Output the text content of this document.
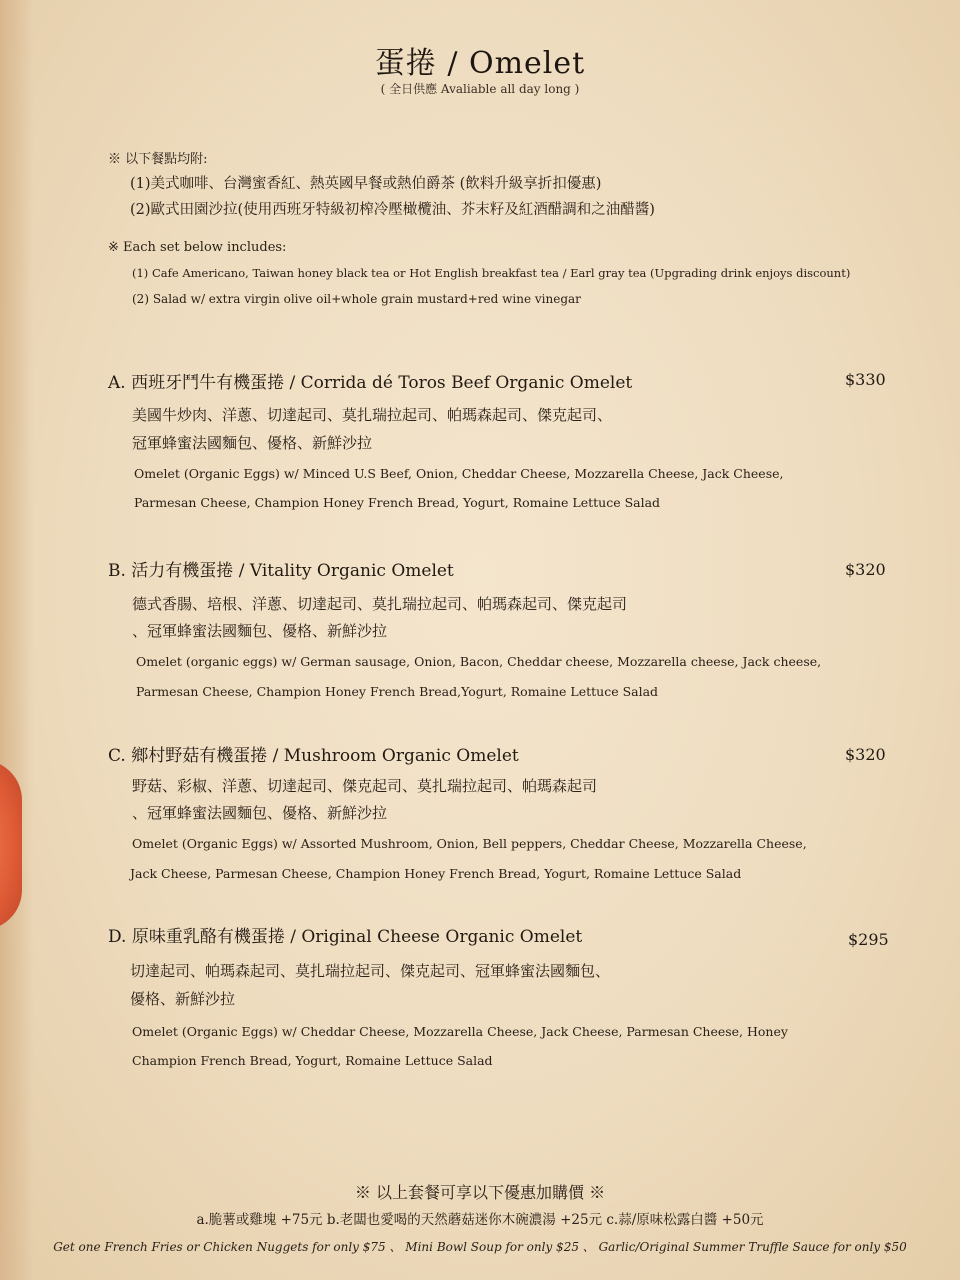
蛋捲 / Omelet
( 全日供應 Avaliable all day long )
※ 以下餐點均附:
(1)美式咖啡、台灣蜜香紅、熱英國早餐或熱伯爵茶 (飲料升級享折扣優惠)
(2)歐式田園沙拉(使用西班牙特級初榨冷壓橄欖油、芥末籽及紅酒醋調和之油醋醬)
※ Each set below includes:
(1) Cafe Americano, Taiwan honey black tea or Hot English breakfast tea / Earl gray tea (Upgrading drink enjoys discount)
(2) Salad w/ extra virgin olive oil+whole grain mustard+red wine vinegar
A. 西班牙鬥牛有機蛋捲 / Corrida dé Toros Beef Organic Omelet	$330
美國牛炒肉、洋蔥、切達起司、莫扎瑞拉起司、帕瑪森起司、傑克起司、
冠軍蜂蜜法國麵包、優格、新鮮沙拉
Omelet (Organic Eggs) w/ Minced U.S Beef, Onion, Cheddar Cheese, Mozzarella Cheese, Jack Cheese,
Parmesan Cheese, Champion Honey French Bread, Yogurt, Romaine Lettuce Salad
B. 活力有機蛋捲 / Vitality Organic Omelet	$320
德式香腸、培根、洋蔥、切達起司、莫扎瑞拉起司、帕瑪森起司、傑克起司
、冠軍蜂蜜法國麵包、優格、新鮮沙拉
Omelet (organic eggs) w/ German sausage, Onion, Bacon, Cheddar cheese, Mozzarella cheese, Jack cheese,
Parmesan Cheese, Champion Honey French Bread,Yogurt, Romaine Lettuce Salad
C. 鄉村野菇有機蛋捲 / Mushroom Organic Omelet	$320
野菇、彩椒、洋蔥、切達起司、傑克起司、莫扎瑞拉起司、帕瑪森起司
、冠軍蜂蜜法國麵包、優格、新鮮沙拉
Omelet (Organic Eggs) w/ Assorted Mushroom, Onion, Bell peppers, Cheddar Cheese, Mozzarella Cheese,
Jack Cheese, Parmesan Cheese, Champion Honey French Bread, Yogurt, Romaine Lettuce Salad
D. 原味重乳酪有機蛋捲 / Original Cheese Organic Omelet	$295
切達起司、帕瑪森起司、莫扎瑞拉起司、傑克起司、冠軍蜂蜜法國麵包、
優格、新鮮沙拉
Omelet (Organic Eggs) w/ Cheddar Cheese, Mozzarella Cheese, Jack Cheese, Parmesan Cheese, Honey
Champion French Bread, Yogurt, Romaine Lettuce Salad
※ 以上套餐可享以下優惠加購價 ※
a.脆薯或雞塊 +75元 b.老闆也愛喝的天然蘑菇迷你木碗濃湯 +25元 c.蒜/原味松露白醬 +50元
Get one French Fries or Chicken Nuggets for only $75 、 Mini Bowl Soup for only $25 、 Garlic/Original Summer Truffle Sauce for only $50
